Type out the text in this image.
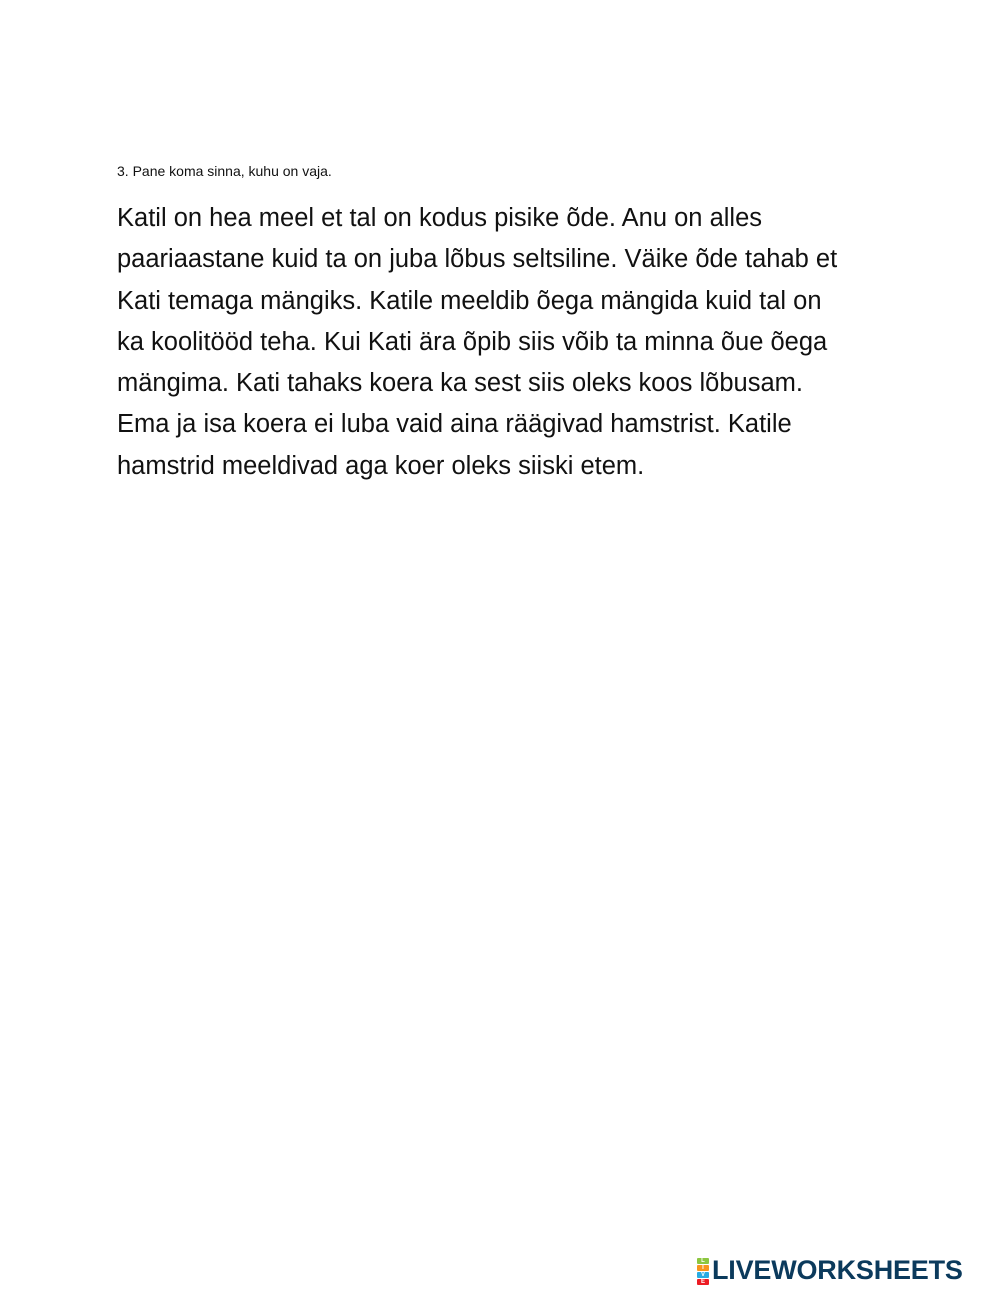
3. Pane koma sinna, kuhu on vaja.
Katil on hea meel et tal on kodus pisike õde. Anu on alles
paariaastane kuid ta on juba lõbus seltsiline. Väike õde tahab et
Kati temaga mängiks. Katile meeldib õega mängida kuid tal on
ka koolitööd teha. Kui Kati ära õpib siis võib ta minna õue õega
mängima. Kati tahaks koera ka sest siis oleks koos lõbusam.
Ema ja isa koera ei luba vaid aina räägivad hamstrist. Katile
hamstrid meeldivad aga koer oleks siiski etem.
L
I
V
E LIVEWORKSHEETS
